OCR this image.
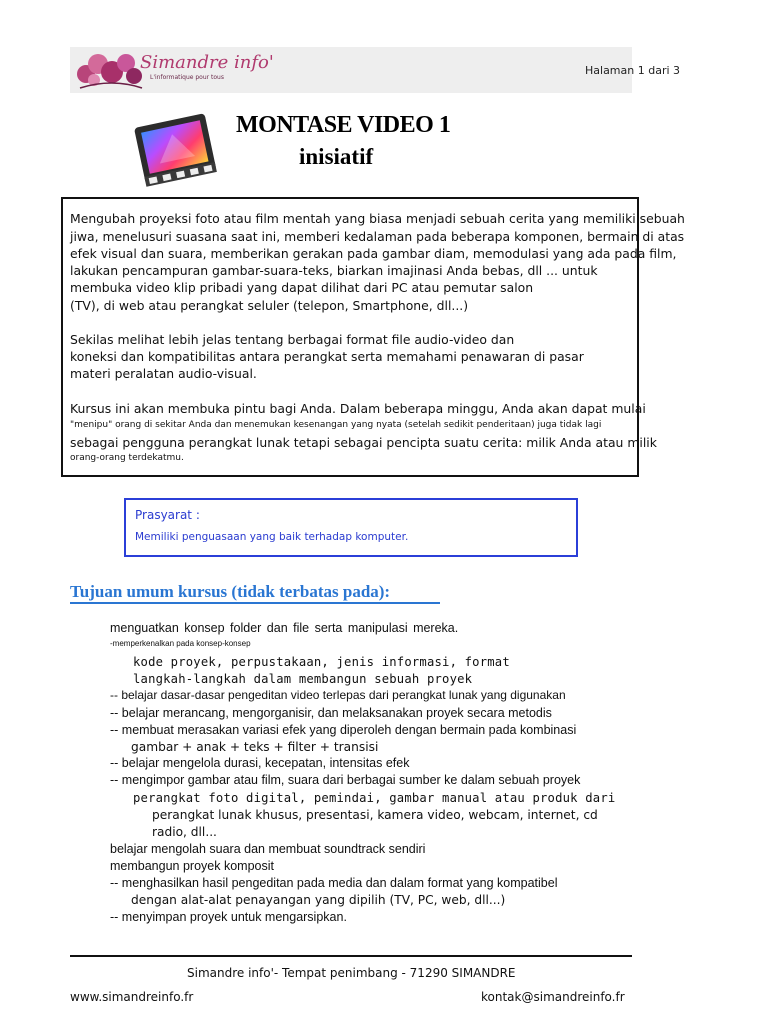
Simandre info'
L'informatique pour tous
Halaman 1 dari 3
MONTASE VIDEO 1
inisiatif
Mengubah proyeksi foto atau film mentah yang biasa menjadi sebuah cerita yang memiliki sebuah
jiwa, menelusuri suasana saat ini, memberi kedalaman pada beberapa komponen, bermain di atas
efek visual dan suara, memberikan gerakan pada gambar diam, memodulasi yang ada pada film,
lakukan pencampuran gambar-suara-teks, biarkan imajinasi Anda bebas, dll ... untuk
membuka video klip pribadi yang dapat dilihat dari PC atau pemutar salon
(TV), di web atau perangkat seluler (telepon, Smartphone, dll...)
Sekilas melihat lebih jelas tentang berbagai format file audio-video dan
koneksi dan kompatibilitas antara perangkat serta memahami penawaran di pasar
materi peralatan audio-visual.
Kursus ini akan membuka pintu bagi Anda. Dalam beberapa minggu, Anda akan dapat mulai
"menipu" orang di sekitar Anda dan menemukan kesenangan yang nyata (setelah sedikit penderitaan) juga tidak lagi
sebagai pengguna perangkat lunak tetapi sebagai pencipta suatu cerita: milik Anda atau milik
orang-orang terdekatmu.
Prasyarat :
Memiliki penguasaan yang baik terhadap komputer.
Tujuan umum kursus (tidak terbatas pada):
menguatkan konsep folder dan file serta manipulasi mereka.
-memperkenalkan pada konsep-konsep
kode proyek, perpustakaan, jenis informasi, format
langkah-langkah dalam membangun sebuah proyek
-- belajar dasar-dasar pengeditan video terlepas dari perangkat lunak yang digunakan
-- belajar merancang, mengorganisir, dan melaksanakan proyek secara metodis
-- membuat merasakan variasi efek yang diperoleh dengan bermain pada kombinasi
gambar + anak + teks + filter + transisi
-- belajar mengelola durasi, kecepatan, intensitas efek
-- mengimpor gambar atau film, suara dari berbagai sumber ke dalam sebuah proyek
perangkat foto digital, pemindai, gambar manual atau produk dari
perangkat lunak khusus, presentasi, kamera video, webcam, internet, cd
radio, dll...
belajar mengolah suara dan membuat soundtrack sendiri
membangun proyek komposit
-- menghasilkan hasil pengeditan pada media dan dalam format yang kompatibel
dengan alat-alat penayangan yang dipilih (TV, PC, web, dll...)
-- menyimpan proyek untuk mengarsipkan.
Simandre info'- Tempat penimbang - 71290 SIMANDRE
www.simandreinfo.fr	kontak@simandreinfo.fr
